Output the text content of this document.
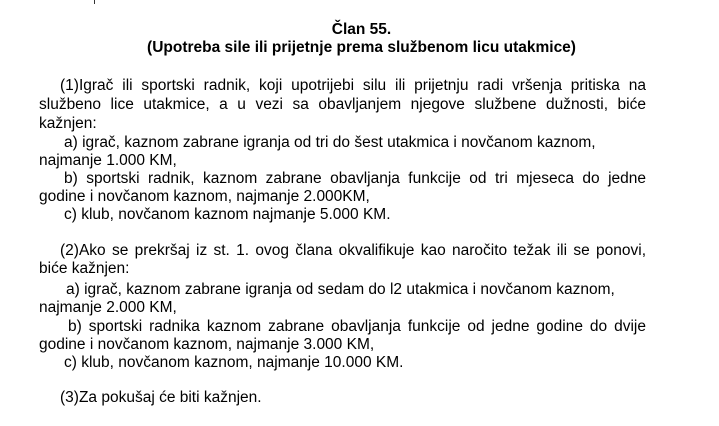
Član 55.
(Upotreba sile ili prijetnje prema službenom licu utakmice)
(1)Igrač ili sportski radnik, koji upotrijebi silu ili prijetnju radi vršenja pritiska na
službeno lice utakmice, a u vezi sa obavljanjem njegove službene dužnosti, biće
kažnjen:
a) igrač, kaznom zabrane igranja od tri do šest utakmica i novčanom kaznom,
najmanje 1.000 KM,
b) sportski radnik, kaznom zabrane obavljanja funkcije od tri mjeseca do jedne
godine i novčanom kaznom, najmanje 2.000KM,
c) klub, novčanom kaznom najmanje 5.000 KM.
(2)Ako se prekršaj iz st. 1. ovog člana okvalifikuje kao naročito težak ili se ponovi,
biće kažnjen:
a) igrač, kaznom zabrane igranja od sedam do l2 utakmica i novčanom kaznom,
najmanje 2.000 KM,
b) sportski radnika kaznom zabrane obavljanja funkcije od jedne godine do dvije
godine i novčanom kaznom, najmanje 3.000 KM,
c) klub, novčanom kaznom, najmanje 10.000 KM.
(3)Za pokušaj će biti kažnjen.
